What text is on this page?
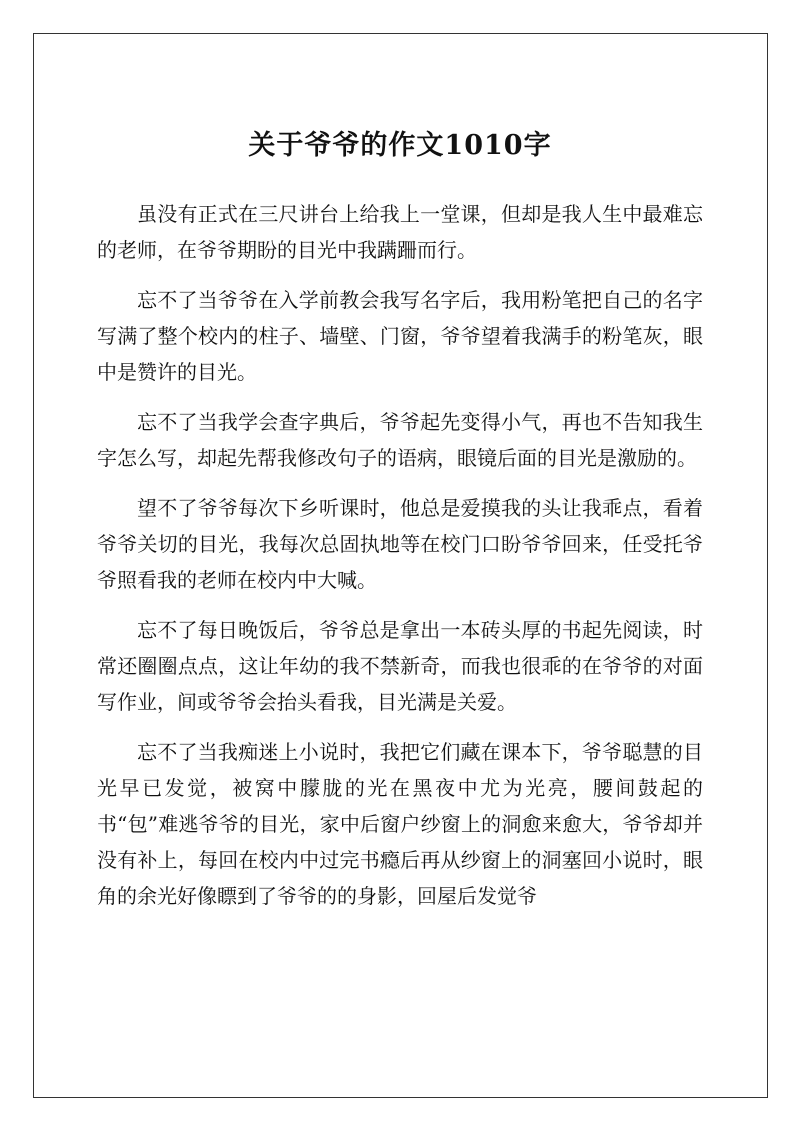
关于爷爷的作文1010字

虽没有正式在三尺讲台上给我上一堂课，但却是我人生中最难忘的老师，在爷爷期盼的目光中我蹒跚而行。

忘不了当爷爷在入学前教会我写名字后，我用粉笔把自己的名字写满了整个校内的柱子、墙壁、门窗，爷爷望着我满手的粉笔灰，眼中是赞许的目光。

忘不了当我学会查字典后，爷爷起先变得小气，再也不告知我生字怎么写，却起先帮我修改句子的语病，眼镜后面的目光是激励的。

望不了爷爷每次下乡听课时，他总是爱摸我的头让我乖点，看着爷爷关切的目光，我每次总固执地等在校门口盼爷爷回来，任受托爷爷照看我的老师在校内中大喊。

忘不了每日晚饭后，爷爷总是拿出一本砖头厚的书起先阅读，时常还圈圈点点，这让年幼的我不禁新奇，而我也很乖的在爷爷的对面写作业，间或爷爷会抬头看我，目光满是关爱。

忘不了当我痴迷上小说时，我把它们藏在课本下，爷爷聪慧的目光早已发觉，被窝中朦胧的光在黑夜中尤为光亮，腰间鼓起的书“包”难逃爷爷的目光，家中后窗户纱窗上的洞愈来愈大，爷爷却并没有补上，每回在校内中过完书瘾后再从纱窗上的洞塞回小说时，眼角的余光好像瞟到了爷爷的的身影，回屋后发觉爷
